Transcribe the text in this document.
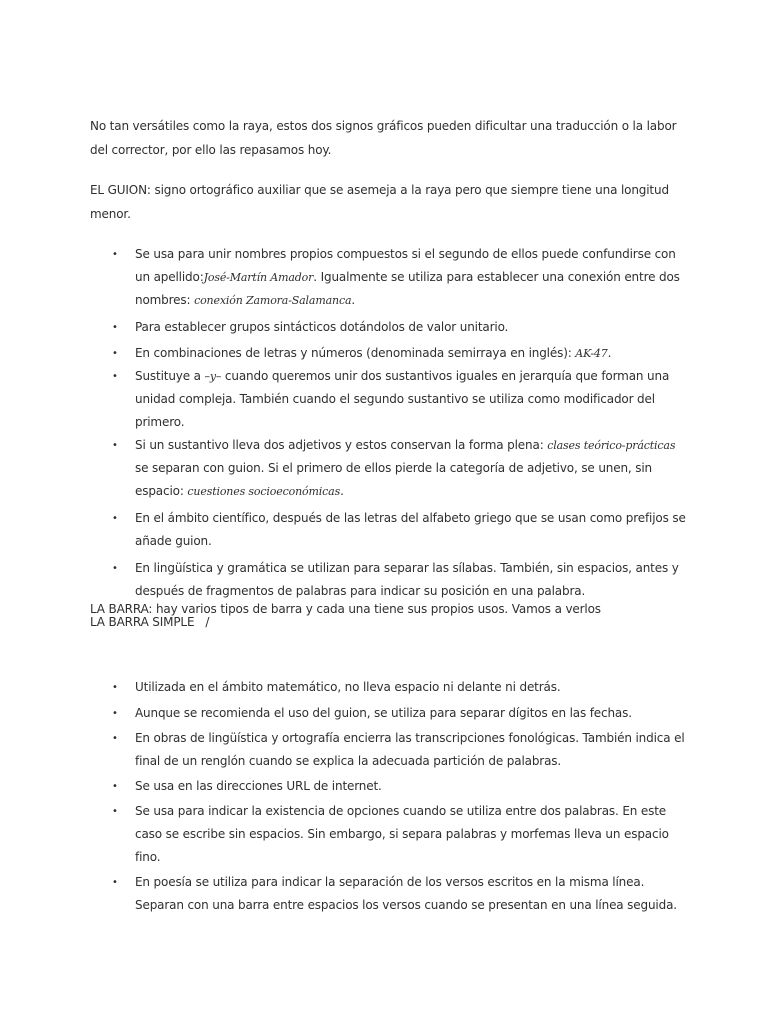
No tan versátiles como la raya, estos dos signos gráficos pueden dificultar una traducción o la labor del corrector, por ello las repasamos hoy.

EL GUION: signo ortográfico auxiliar que se asemeja a la raya pero que siempre tiene una longitud menor.

• Se usa para unir nombres propios compuestos si el segundo de ellos puede confundirse con un apellido:José-Martín Amador. Igualmente se utiliza para establecer una conexión entre dos nombres: conexión Zamora-Salamanca.
• Para establecer grupos sintácticos dotándolos de valor unitario.
• En combinaciones de letras y números (denominada semirraya en inglés): AK-47.
• Sustituye a –y– cuando queremos unir dos sustantivos iguales en jerarquía que forman una unidad compleja. También cuando el segundo sustantivo se utiliza como modificador del primero.
• Si un sustantivo lleva dos adjetivos y estos conservan la forma plena: clases teórico-prácticas se separan con guion. Si el primero de ellos pierde la categoría de adjetivo, se unen, sin espacio: cuestiones socioeconómicas.
• En el ámbito científico, después de las letras del alfabeto griego que se usan como prefijos se añade guion.
• En lingüística y gramática se utilizan para separar las sílabas. También, sin espacios, antes y después de fragmentos de palabras para indicar su posición en una palabra.

LA BARRA: hay varios tipos de barra y cada una tiene sus propios usos. Vamos a verlos

LA BARRA SIMPLE   /

• Utilizada en el ámbito matemático, no lleva espacio ni delante ni detrás.
• Aunque se recomienda el uso del guion, se utiliza para separar dígitos en las fechas.
• En obras de lingüística y ortografía encierra las transcripciones fonológicas. También indica el final de un renglón cuando se explica la adecuada partición de palabras.
• Se usa en las direcciones URL de internet.
• Se usa para indicar la existencia de opciones cuando se utiliza entre dos palabras. En este caso se escribe sin espacios. Sin embargo, si separa palabras y morfemas lleva un espacio fino.
• En poesía se utiliza para indicar la separación de los versos escritos en la misma línea. Separan con una barra entre espacios los versos cuando se presentan en una línea seguida.
